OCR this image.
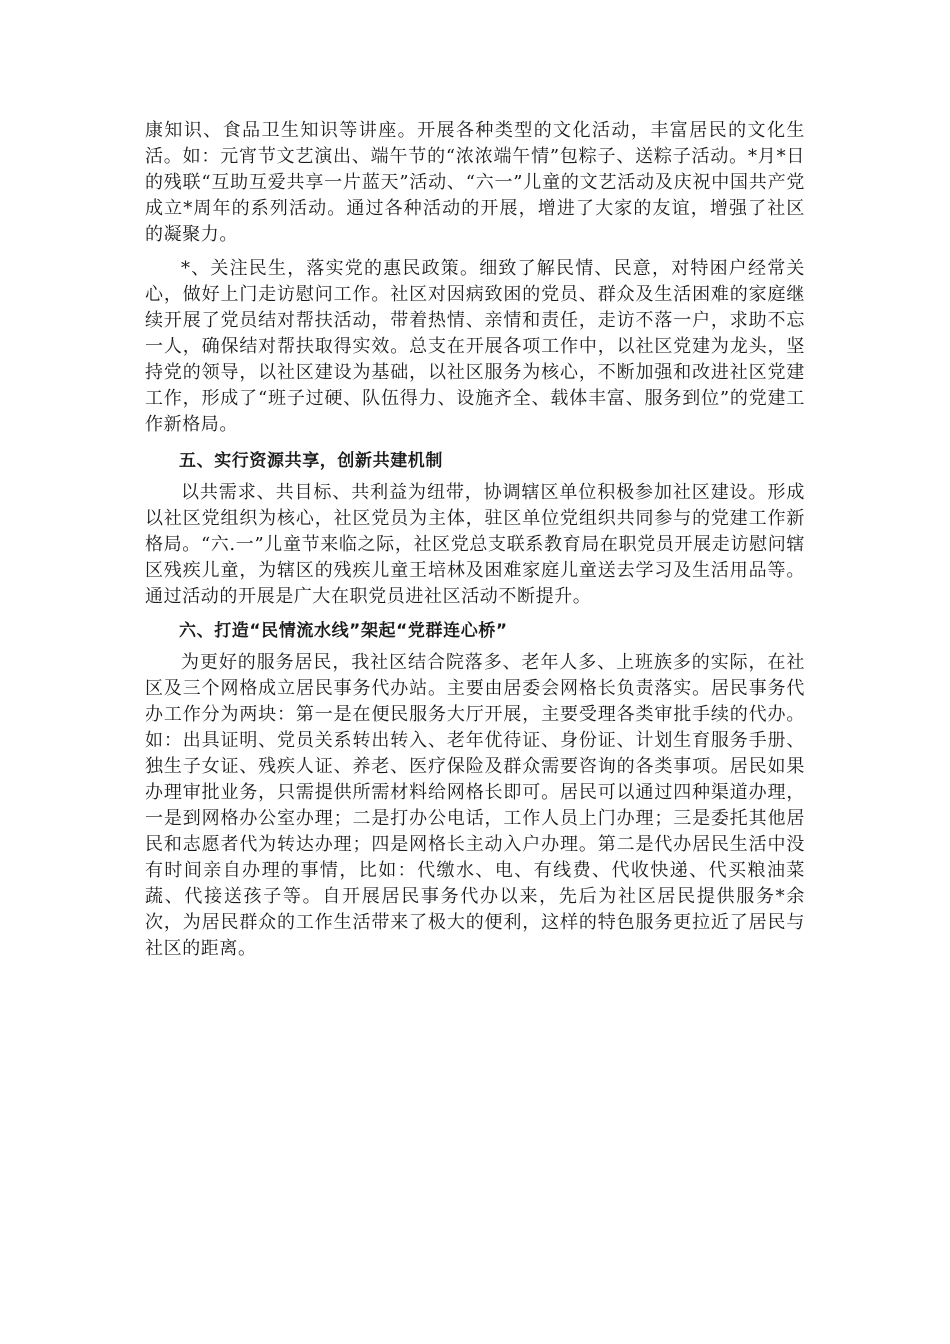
康知识、食品卫生知识等讲座。开展各种类型的文化活动，丰富居民的文化生活。如：元宵节文艺演出、端午节的“浓浓端午情”包粽子、送粽子活动。*月*日的残联“互助互爱共享一片蓝天”活动、“六一”儿童的文艺活动及庆祝中国共产党成立*周年的系列活动。通过各种活动的开展，增进了大家的友谊，增强了社区的凝聚力。

*、关注民生，落实党的惠民政策。细致了解民情、民意，对特困户经常关心，做好上门走访慰问工作。社区对因病致困的党员、群众及生活困难的家庭继续开展了党员结对帮扶活动，带着热情、亲情和责任，走访不落一户，求助不忘一人，确保结对帮扶取得实效。总支在开展各项工作中，以社区党建为龙头，坚持党的领导，以社区建设为基础，以社区服务为核心，不断加强和改进社区党建工作，形成了“班子过硬、队伍得力、设施齐全、载体丰富、服务到位”的党建工作新格局。

五、实行资源共享，创新共建机制

以共需求、共目标、共利益为纽带，协调辖区单位积极参加社区建设。形成以社区党组织为核心，社区党员为主体，驻区单位党组织共同参与的党建工作新格局。“六.一”儿童节来临之际，社区党总支联系教育局在职党员开展走访慰问辖区残疾儿童，为辖区的残疾儿童王培林及困难家庭儿童送去学习及生活用品等。通过活动的开展是广大在职党员进社区活动不断提升。

六、打造“民情流水线”架起“党群连心桥”

为更好的服务居民，我社区结合院落多、老年人多、上班族多的实际，在社区及三个网格成立居民事务代办站。主要由居委会网格长负责落实。居民事务代办工作分为两块：第一是在便民服务大厅开展，主要受理各类审批手续的代办。如：出具证明、党员关系转出转入、老年优待证、身份证、计划生育服务手册、独生子女证、残疾人证、养老、医疗保险及群众需要咨询的各类事项。居民如果办理审批业务，只需提供所需材料给网格长即可。居民可以通过四种渠道办理，一是到网格办公室办理；二是打办公电话，工作人员上门办理；三是委托其他居民和志愿者代为转达办理；四是网格长主动入户办理。第二是代办居民生活中没有时间亲自办理的事情，比如：代缴水、电、有线费、代收快递、代买粮油菜蔬、代接送孩子等。自开展居民事务代办以来，先后为社区居民提供服务*余次，为居民群众的工作生活带来了极大的便利，这样的特色服务更拉近了居民与社区的距离。
